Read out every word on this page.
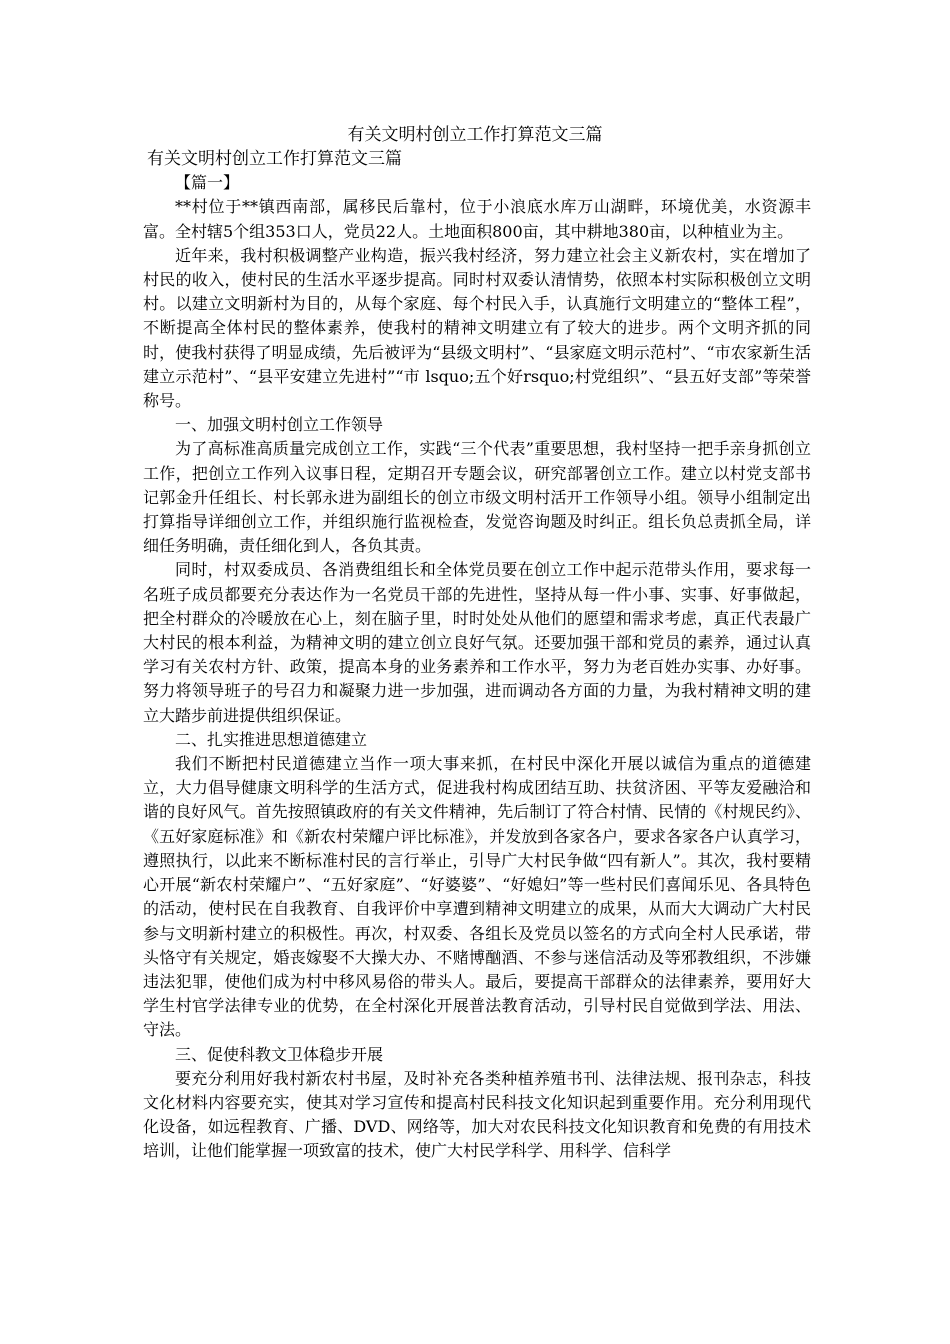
有关文明村创立工作打算范文三篇

有关文明村创立工作打算范文三篇

【篇一】

**村位于**镇西南部，属移民后靠村，位于小浪底水库万山湖畔，环境优美，水资源丰富。全村辖5个组353口人，党员22人。土地面积800亩，其中耕地380亩，以种植业为主。

近年来，我村积极调整产业构造，振兴我村经济，努力建立社会主义新农村，实在增加了村民的收入，使村民的生活水平逐步提高。同时村双委认清情势，依照本村实际积极创立文明村。以建立文明新村为目的，从每个家庭、每个村民入手，认真施行文明建立的“整体工程”，不断提高全体村民的整体素养，使我村的精神文明建立有了较大的进步。两个文明齐抓的同时，使我村获得了明显成绩，先后被评为“县级文明村”、“县家庭文明示范村”、“市农家新生活建立示范村”、“县平安建立先进村”“市 lsquo;五个好rsquo;村党组织”、“县五好支部”等荣誉称号。

一、加强文明村创立工作领导

为了高标准高质量完成创立工作，实践“三个代表”重要思想，我村坚持一把手亲身抓创立工作，把创立工作列入议事日程，定期召开专题会议，研究部署创立工作。建立以村党支部书记郭金升任组长、村长郭永进为副组长的创立市级文明村活开工作领导小组。领导小组制定出打算指导详细创立工作，并组织施行监视检查，发觉咨询题及时纠正。组长负总责抓全局，详细任务明确，责任细化到人，各负其责。

同时，村双委成员、各消费组组长和全体党员要在创立工作中起示范带头作用，要求每一名班子成员都要充分表达作为一名党员干部的先进性，坚持从每一件小事、实事、好事做起，把全村群众的冷暖放在心上，刻在脑子里，时时处处从他们的愿望和需求考虑，真正代表最广大村民的根本利益，为精神文明的建立创立良好气氛。还要加强干部和党员的素养，通过认真学习有关农村方针、政策，提高本身的业务素养和工作水平，努力为老百姓办实事、办好事。努力将领导班子的号召力和凝聚力进一步加强，进而调动各方面的力量，为我村精神文明的建立大踏步前进提供组织保证。

二、扎实推进思想道德建立

我们不断把村民道德建立当作一项大事来抓，在村民中深化开展以诚信为重点的道德建立，大力倡导健康文明科学的生活方式，促进我村构成团结互助、扶贫济困、平等友爱融洽和谐的良好风气。首先按照镇政府的有关文件精神，先后制订了符合村情、民情的《村规民约》、《五好家庭标准》和《新农村荣耀户评比标准》，并发放到各家各户，要求各家各户认真学习，遵照执行，以此来不断标准村民的言行举止，引导广大村民争做“四有新人”。其次，我村要精心开展“新农村荣耀户”、“五好家庭”、“好婆婆”、“好媳妇”等一些村民们喜闻乐见、各具特色的活动，使村民在自我教育、自我评价中享遭到精神文明建立的成果，从而大大调动广大村民参与文明新村建立的积极性。再次，村双委、各组长及党员以签名的方式向全村人民承诺，带头恪守有关规定，婚丧嫁娶不大操大办、不赌博酗酒、不参与迷信活动及等邪教组织，不涉嫌违法犯罪，使他们成为村中移风易俗的带头人。最后，要提高干部群众的法律素养，要用好大学生村官学法律专业的优势，在全村深化开展普法教育活动，引导村民自觉做到学法、用法、守法。

三、促使科教文卫体稳步开展

要充分利用好我村新农村书屋，及时补充各类种植养殖书刊、法律法规、报刊杂志，科技文化材料内容要充实，使其对学习宣传和提高村民科技文化知识起到重要作用。充分利用现代化设备，如远程教育、广播、DVD、网络等，加大对农民科技文化知识教育和免费的有用技术培训，让他们能掌握一项致富的技术，使广大村民学科学、用科学、信科学
